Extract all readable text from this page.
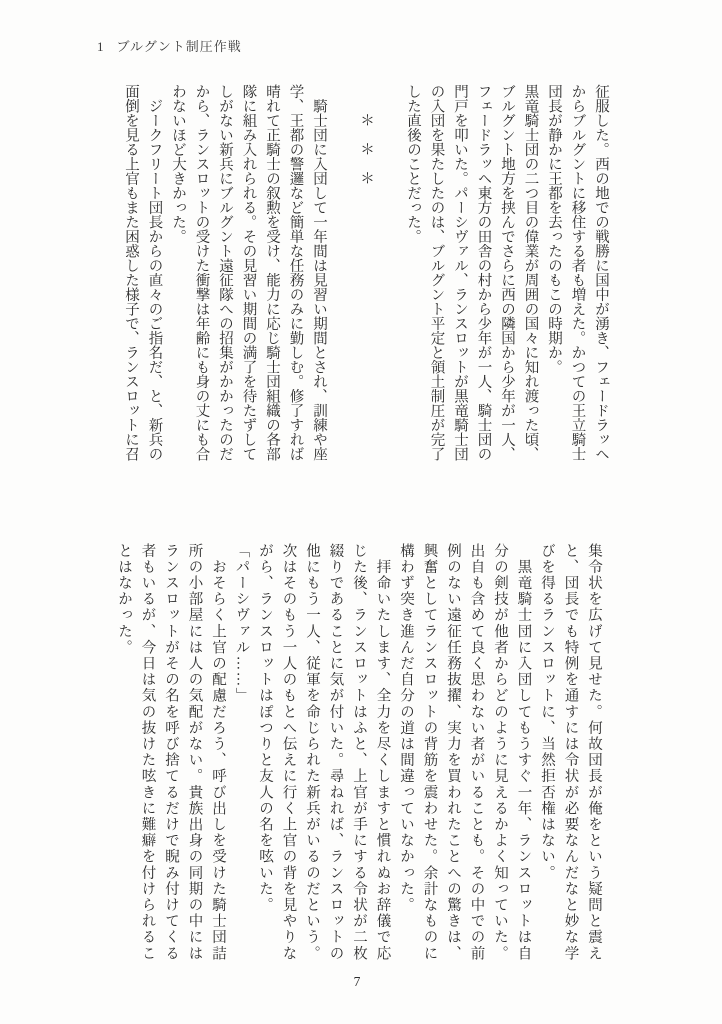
1 ブルグント制圧作戦
征服した。西の地での戦勝に国中が湧き、フェードラッヘ
からブルグントに移住する者も増えた。かつての王立騎士
団長が静かに王都を去ったのもこの時期か。
黒竜騎士団の二つ目の偉業が周囲の国々に知れ渡った頃、
ブルグント地方を挟んでさらに西の隣国から少年が一人、
フェードラッヘ東方の田舎の村から少年が一人、騎士団の
門戸を叩いた。パーシヴァル、ランスロットが黒竜騎士団
の入団を果たしたのは、ブルグント平定と領土制圧が完了
した直後のことだった。

　　＊　＊　＊

　騎士団に入団して一年間は見習い期間とされ、訓練や座
学、王都の警邏など簡単な任務のみに勤しむ。修了すれば
晴れて正騎士の叙勲を受け、能力に応じ騎士団組織の各部
隊に組み入れられる。その見習い期間の満了を待たずして
しがない新兵にブルグント遠征隊への招集がかかったのだ
から、ランスロットの受けた衝撃は年齢にも身の丈にも合
わないほど大きかった。
　ジークフリート団長からの直々のご指名だ、と、新兵の
面倒を見る上官もまた困惑した様子で、ランスロットに召
集令状を広げて見せた。何故団長が俺をという疑問と震え
と、団長でも特例を通すには令状が必要なんだなと妙な学
びを得るランスロットに、当然拒否権はない。
　黒竜騎士団に入団してもうすぐ一年、ランスロットは自
分の剣技が他者からどのように見えるかよく知っていた。
出自も含めて良く思わない者がいることも。その中での前
例のない遠征任務抜擢、実力を買われたことへの驚きは、
興奮としてランスロットの背筋を震わせた。余計なものに
構わず突き進んだ自分の道は間違っていなかった。
　拝命いたします、全力を尽くしますと慣れぬお辞儀で応
じた後、ランスロットはふと、上官が手にする令状が二枚
綴りであることに気が付いた。尋ねれば、ランスロットの
他にもう一人、従軍を命じられた新兵がいるのだという。
次はそのもう一人のもとへ伝えに行く上官の背を見やりな
がら、ランスロットはぽつりと友人の名を呟いた。
「パーシヴァル……」
　おそらく上官の配慮だろう、呼び出しを受けた騎士団詰
所の小部屋には人の気配がない。貴族出身の同期の中には
ランスロットがその名を呼び捨てるだけで睨み付けてくる
者もいるが、今日は気の抜けた呟きに難癖を付けられるこ
とはなかった。
7
